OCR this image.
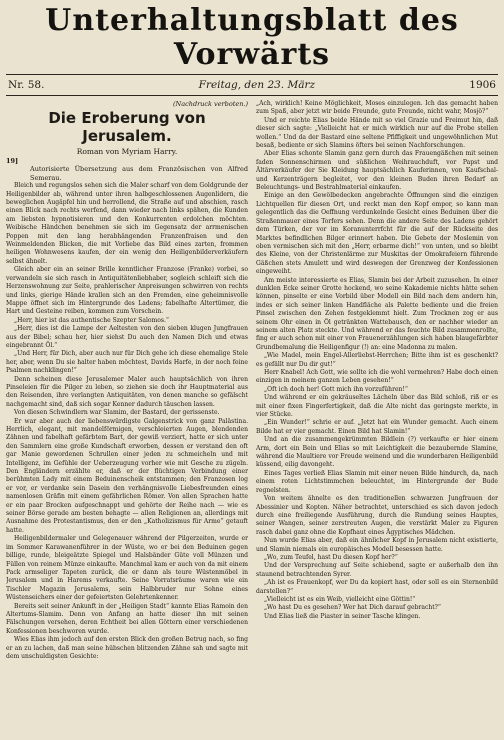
Unterhaltungsblatt des Vorwärts
Nr. 58.	Freitag, den 23. März	1906
(Nachdruck verboten.)
Die Eroberung von Jerusalem.
Roman von Myriam Harry.
19] Autorisierte Übersetzung aus dem Französischen von Alfred Semerau.

Bleich und regungslos sehen sich die Maler scharf von dem Goldgrunde der Heiligenbilder ab, während unter ihren halbgeschlossenen Augenlidern, die beweglichen Augäpfel hin und herrollend, die Straße auf und abschien, rasch einen Blick nach rechts werfend, dann wieder nach links spähen, die Kunden am liebsten hypnotisieren und den Konkurrenten erdolchen möchten. Weibische Händchen benehmen sie sich im Gegensatz der arrmenischen Poppen mit den lang herabhängenden Franzenfraisen und den Weinmeldenden Blicken, die mit Vorliebe das Bild eines zarten, frommen heiligen Wohnwesens kaufen, der ein wenig den Heiligenbilderverkäufern selbst ähnelt.

Gleich aber ein an seiner Brille kenntlicher Franzose (Franke) vorbei, so verwandeln sie sich rasch in Antiquitätenliebhaber, sogleich schleift sich die Herzenswohnung zur Seite, prahlerischer Anpreisungen schwirren von rechts und links, gierige Hände krallen sich an den Fremden, eine geheimnisvolle Mappe öffnet sich im Hintergrunde des Ladens; fabelhafte Altertümer, die Hart und Gesteine reiben, kommen zum Vorschein.

„Herr, hier ist das authentische Szepter Salomos.“

„Herr, dies ist die Lampe der Aeltesten von den sieben klugen Jungfrauen aus der Bibel; schau her, hier siehst Du auch den Namen Dich und etwas eingebrannt Öl.“

„Und Herr, für Dich, aber auch nur für Dich gehe ich diese ehemalige Stele her, aber, wenn Du sie halter haben möchtest, Davids Harfe, in der noch feine Psalmen nachklingen!“

Denn scheinen diese Jerusalemer Maler auch hauptsächlich von ihren Pinseleien für die Pilger zu leben, so ziehen sie doch ihr Hauptmaterial aus den Reisenden, ihre verlangten Antiquitäten, von denen manche so gefälscht nachgemacht sind, daß sich sogar Kenner dadurch täuschen lassen.

Von diesen Schwindlern war Slamim, der Bastard, der gerissenste.

Er war aber auch der liebenswürdigste Galgenstrick von ganz Palästina. Herrlich, elegant, mit mandelförmigen, verschleierten Augen, blendenden Zähnen und fabelhaft gefärbtem Bart, der gewiß verziert, hatte er sich unter den Sammlern eine große Kundschaft erworben, dessen er verstand den oft gar Manie gewordenen Schrullen einer jeden zu schmeicheln und mit Intelligenz, im Gefühle der Ueberzeugung vorher wie mit Gesche zu zügeln. Den Engländern erzählte er, daß er der flüchtigen Verbindung einer berühmten Lady mit einem Beduinenscheik entstammen; den Franzosen log er vor, er verdanke sein Dasein den verhängnisvolle Liebesfreunden eines namenlosen Gräfin mit einem gefährlichen Römer. Von allen Sprachen hatte er ein paar Brocken aufgeschnappt und gehörte der Reihe nach — wie es seiner Börse gerade am besten behagte — allen Religionen an, allerdings mit Ausnahme des Protestantismus, den er den „Katholizismus für Arme“ getauft hatte.

Heiligenbildermaler und Gelegenauer während der Pilgerzeiten, wurde er im Sommer Karawanenführer in der Wüste, wo er bei den Beduinen gegen billige, runde, bleigeätzte Spiegel und Halsbänder Güte voll Münzen und Füllen von reinem Münze einkaufte. Manchmal kam er auch von da mit einem Pack armseliger Tapeten zurück, die er dann als teure Wüstenmöbel in Jerusalem und in Harems verkaufte. Seine Vorratsräume waren wie ein Tischler Magazin Jerusalems, sein Halbbruder nur Sohne eines Wüstenseichers einer der gefeiertsten Gelehrtenkenner.

Bereits seit seiner Ankunft in der „Heiligen Stadt“ kannte Elias Ramoin den Altertums-Slamim. Denn von Anfang an hatte dieser ihn mit seinen Fälschungen versehen, deren Echtheit bei allen Göttern einer verschiedenen Konfessionen beschworen wurde.

Wies Elias ihm jedoch auf den ersten Blick den großen Betrug nach, so fing er an zu lachen, daß man seine hübschen blitzenden Zähne sah und sagte mit dem unschuldigsten Gesichte:

„Ach, wirklich! Keine Möglichkeit, Moses einzulegen. Ich das gemacht haben zum Spaß, aber jetzt wir beide Freunde, gute Freunde, nicht wahr, Mosjö?“

Und er reichte Elias beide Hände mit so viel Grazie und Freimut hin, daß dieser sich sagte: „Vielleicht hat er mich wirklich nur auf die Probe stellen wollen.“ Und da der Bastard eine seltene Pfiffigkeit und ungewöhnlichen Mut besaß, bediente er sich Slamins öfters bei seinen Nachforschungen.

Aber Elias schonte Slamin ganz gern durch das Frauengäßchen mit seinen faden Sonnenschirmen und süßlichen Weihrauchduft, vor Papst und Ältärverkäufer der Sie Kleidung hauptsächlich Kauferinnen, von Kaufschal- und Kerzenträgern begleitet, vor den kleinen Buden ihren Bedarf an Beleuchtungs- und Bestrahlmaterial einkaufen.

Einige an den Gewölbedecken angebrachte Öffnungen sind die einzigen Lichtquellen für diesen Ort, und reckt man den Kopf empor, so kann man gelegentlich das die Oeffnung verdunkelnde Gesicht eines Beduinen über die Straßenmauer eines Torfers sehen. Denn die andere Seite des Ladens gehört dem Türken, der vor im Koranunterrfcht für die auf der Rückseite des Marktes befindlichen Bilger erinnert haben. Die Gebete der Moslemin von oben vermischen sich mit den „Herr, erbarme dich!“ von unten, und so bleibt des Kleine, von der Christenlärme zur Muskitas der Omokrafeiern führende Gäßchen stets Amulett und wird deswegen der Grenzweg der Konfessionen eingeweiht.

Am meiste interessierte es Elias, Slamin bei der Arbeit zuzusehen. In einer dunklen Ecke seiner Grotte hockend, wo seine Kakademie nichts hätte sehen können, pinselte er eine Vorbild über Modell ein Bild nach dem andern hin, indes er sich seiner linken Handfläche als Palette bediente und die freien Pinsel zwischen den Zehen festgeklemmt hielt. Zum Trocknen zog er aus seinem Ohr einen in Öl getränkten Wattebausch, den er nachher wieder an seinem alten Platz steckte. Und während er das feuchte Bild zusammenrollte, fing er auch schon mit einer von Frauenerzählungen sich haben blaugefärbter Grundbemalung die Heiligenfigur (!) an: eine Madonna zu malen.

„Wie Madel, mein Engel-Allerliebst-Herrchen; Bitte ihm ist es geschenkt? es gefällt nur Du dir gut!“

Herr Knabel! Ach Gott, wie sollte ich die wohl vermehren? Habe doch einen einzigen in meinem ganzen Leben gesehen!“

„Oft ich doch her! Gott mich ihn vorzuführen!“

Und während er ein gekräuseltes Lächeln über das Bild schloß, riß er es mit einer fixen Fingerfertigkeit, daß die Alte nicht das geringste merkte, in vier Stücke.

„Ein Wunder!“ schrie er auf. „Jetzt hat ein Wunder gemacht. Auch einem Bilde hat er vier gemacht. Einen Bild hat Slamin!“

Und an die zusammengekrümmten Bildlein (?) verkaufte er hier einem Arm, dort ein Bein und Elias so mit Leichtigkeit die bezaubernde Slamine, während die Maultiere vor Freude weinend und die wunderbaren Heiligenbild küssend, eilig davongeht.

Eines Tages verließ Elias Slamin mit einer neuen Bilde hindurch, da, nach einem roten Lichtstimmchen beleuchtet, im Hintergrunde der Bude regnelsten.

Von weitem ähnelte es den traditionellen schwarzen Jungfrauen der Abessinier und Kopten. Näher betrachtet, unterschied es sich davon jedoch durch eine freiliegende Ausführung, durch die Rundung seines Hauptes, seiner Wangen, seiner zerstreuten Augen, die verstärkt Maler zu Figuren rasch dabei ganz ohne die Kopfhaut eines Ägyptisches Mädchen.

Nun wurde Elias aber, daß ein ähnlicher Kopf in Jerusalem nicht existierte, und Slamin niemals ein europäisches Modell besessen hatte.

„Wo, zum Teufel, hast Du diesen Kopf her?“

Und der Versprechung auf Seite schiebend, sagte er außerhalb den ihn staunend betrachtenden Syrer.

„Ah ist es Frauenkopf, wer Du da kopiert hast, oder soll es ein Sternenbild darstellen?“

„Vielleicht ist es ein Weib, vielleicht eine Göttin!“

„Wo hast Du es gesehen? Wer hat Dich darauf gebracht?“

Und Elias ließ die Piaster in seiner Tasche klingen.
